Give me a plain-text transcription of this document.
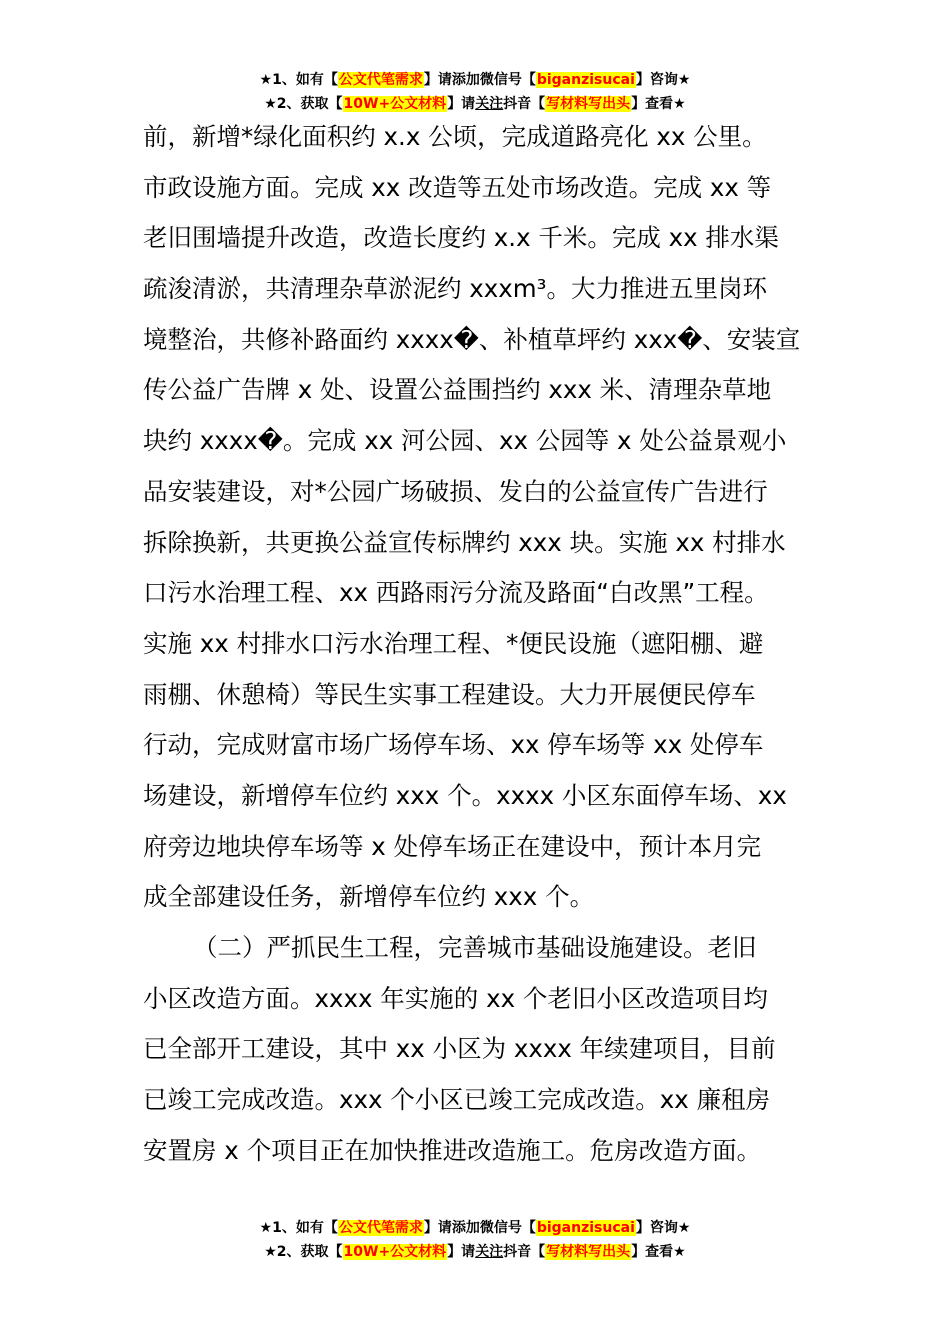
★1、如有【公文代笔需求】请添加微信号【biganzisucai】咨询★
★2、获取【10W+公文材料】请关注抖音【写材料写出头】查看★
前，新增*绿化面积约 x.x 公顷，完成道路亮化 xx 公里。
市政设施方面。完成 xx 改造等五处市场改造。完成 xx 等
老旧围墙提升改造，改造长度约 x.x 千米。完成 xx 排水渠
疏浚清淤，共清理杂草淤泥约 xxxm³。大力推进五里岗环
境整治，共修补路面约 xxxx�、补植草坪约 xxx�、安装宣
传公益广告牌 x 处、设置公益围挡约 xxx 米、清理杂草地
块约 xxxx�。完成 xx 河公园、xx 公园等 x 处公益景观小
品安装建设，对*公园广场破损、发白的公益宣传广告进行
拆除换新，共更换公益宣传标牌约 xxx 块。实施 xx 村排水
口污水治理工程、xx 西路雨污分流及路面“白改黑”工程。
实施 xx 村排水口污水治理工程、*便民设施（遮阳棚、避
雨棚、休憩椅）等民生实事工程建设。大力开展便民停车
行动，完成财富市场广场停车场、xx 停车场等 xx 处停车
场建设，新增停车位约 xxx 个。xxxx 小区东面停车场、xx
府旁边地块停车场等 x 处停车场正在建设中，预计本月完
成全部建设任务，新增停车位约 xxx 个。
（二）严抓民生工程，完善城市基础设施建设。老旧
小区改造方面。xxxx 年实施的 xx 个老旧小区改造项目均
已全部开工建设，其中 xx 小区为 xxxx 年续建项目，目前
已竣工完成改造。xxx 个小区已竣工完成改造。xx 廉租房
安置房 x 个项目正在加快推进改造施工。危房改造方面。
★1、如有【公文代笔需求】请添加微信号【biganzisucai】咨询★
★2、获取【10W+公文材料】请关注抖音【写材料写出头】查看★
